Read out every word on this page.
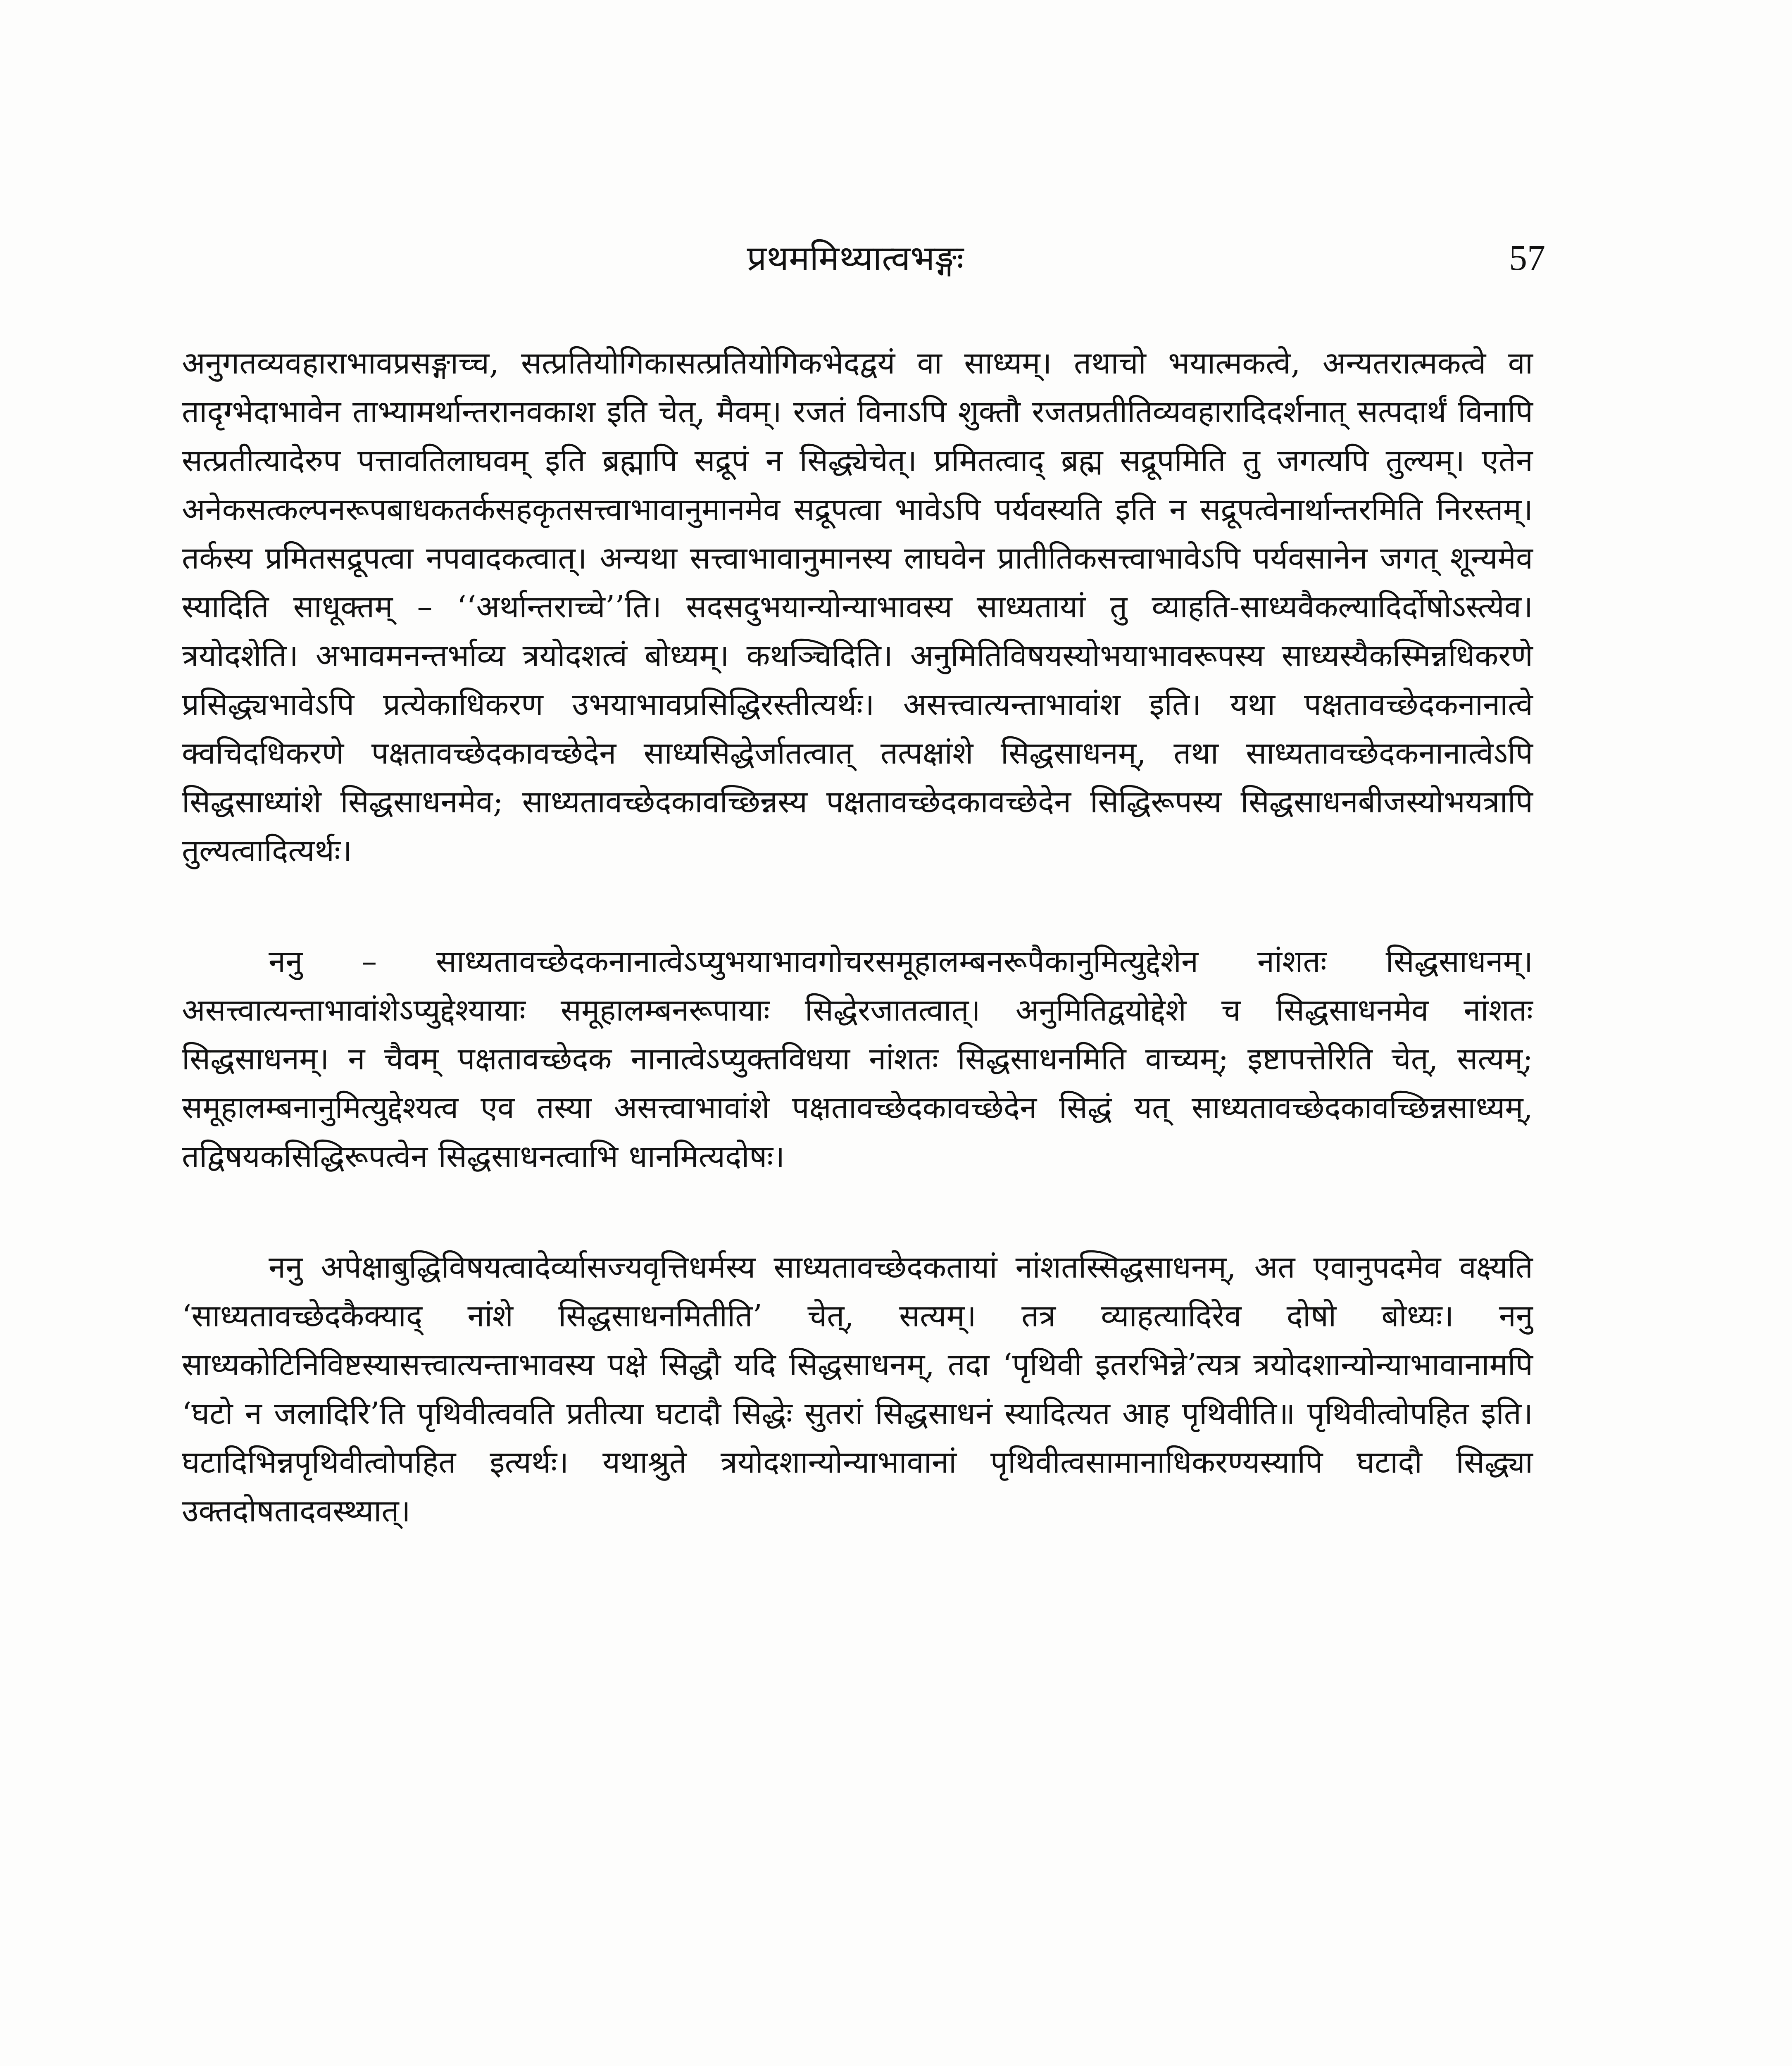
प्रथममिथ्यात्वभङ्गः	57

अनुगतव्यवहाराभावप्रसङ्गाच्च, सत्प्रतियोगिकासत्प्रतियोगिकभेदद्वयं वा साध्यम्। तथाचो भयात्मकत्वे, अन्यतरात्मकत्वे वा तादृग्भेदाभावेन ताभ्यामर्थान्तरानवकाश इति चेत्, मैवम्। रजतं विनाऽपि शुक्तौ रजतप्रतीतिव्यवहारादिदर्शनात् सत्पदार्थं विनापि सत्प्रतीत्यादेरुप पत्तावतिलाघवम् इति ब्रह्मापि सद्रूपं न सिद्ध्येचेत्। प्रमितत्वाद् ब्रह्म सद्रूपमिति तु जगत्यपि तुल्यम्। एतेन अनेकसत्कल्पनरूपबाधकतर्कसहकृतसत्त्वाभावानुमानमेव सद्रूपत्वा भावेऽपि पर्यवस्यति इति न सद्रूपत्वेनार्थान्तरमिति निरस्तम्। तर्कस्य प्रमितसद्रूपत्वा नपवादकत्वात्। अन्यथा सत्त्वाभावानुमानस्य लाघवेन प्रातीतिकसत्त्वाभावेऽपि पर्यवसानेन जगत् शून्यमेव स्यादिति साधूक्तम् – ‘‘अर्थान्तराच्चे’’ति। सदसदुभयान्योन्याभावस्य साध्यतायां तु व्याहति-साध्यवैकल्यादिर्दोषोऽस्त्येव। त्रयोदशेति। अभावमनन्तर्भाव्य त्रयोदशत्वं बोध्यम्। कथञ्चिदिति। अनुमितिविषयस्योभयाभावरूपस्य साध्यस्यैकस्मिन्नधिकरणे प्रसिद्ध्यभावेऽपि प्रत्येकाधिकरण उभयाभावप्रसिद्धिरस्तीत्यर्थः। असत्त्वात्यन्ताभावांश इति। यथा पक्षतावच्छेदकनानात्वे क्वचिदधिकरणे पक्षतावच्छेदकावच्छेदेन साध्यसिद्धेर्जातत्वात् तत्पक्षांशे सिद्धसाधनम्, तथा साध्यतावच्छेदकनानात्वेऽपि सिद्धसाध्यांशे सिद्धसाधनमेव; साध्यतावच्छेदकावच्छिन्नस्य पक्षतावच्छेदकावच्छेदेन सिद्धिरूपस्य सिद्धसाधनबीजस्योभयत्रापि तुल्यत्वादित्यर्थः।

ननु – साध्यतावच्छेदकनानात्वेऽप्युभयाभावगोचरसमूहालम्बनरूपैकानुमित्युद्देशेन नांशतः सिद्धसाधनम्। असत्त्वात्यन्ताभावांशेऽप्युद्देश्यायाः समूहालम्बनरूपायाः सिद्धेरजातत्वात्। अनुमितिद्वयोद्देशे च सिद्धसाधनमेव नांशतः सिद्धसाधनम्। न चैवम् पक्षतावच्छेदक नानात्वेऽप्युक्तविधया नांशतः सिद्धसाधनमिति वाच्यम्; इष्टापत्तेरिति चेत्, सत्यम्; समूहालम्बनानुमित्युद्देश्यत्व एव तस्या असत्त्वाभावांशे पक्षतावच्छेदकावच्छेदेन सिद्धं यत् साध्यतावच्छेदकावच्छिन्नसाध्यम्, तद्विषयकसिद्धिरूपत्वेन सिद्धसाधनत्वाभि धानमित्यदोषः।

ननु अपेक्षाबुद्धिविषयत्वादेर्व्यासज्यवृत्तिधर्मस्य साध्यतावच्छेदकतायां नांशतस्सिद्धसाधनम्, अत एवानुपदमेव वक्ष्यति ‘साध्यतावच्छेदकैक्याद् नांशे सिद्धसाधनमितीति’ चेत्, सत्यम्। तत्र व्याहत्यादिरेव दोषो बोध्यः। ननु साध्यकोटिनिविष्टस्यासत्त्वात्यन्ताभावस्य पक्षे सिद्धौ यदि सिद्धसाधनम्, तदा ‘पृथिवी इतरभिन्ने’त्यत्र त्रयोदशान्योन्याभावानामपि ‘घटो न जलादिरि’ति पृथिवीत्ववति प्रतीत्या घटादौ सिद्धेः सुतरां सिद्धसाधनं स्यादित्यत आह पृथिवीति॥ पृथिवीत्वोपहित इति। घटादिभिन्नपृथिवीत्वोपहित इत्यर्थः। यथाश्रुते त्रयोदशान्योन्याभावानां पृथिवीत्वसामानाधिकरण्यस्यापि घटादौ सिद्ध्या उक्तदोषतादवस्थ्यात्।
